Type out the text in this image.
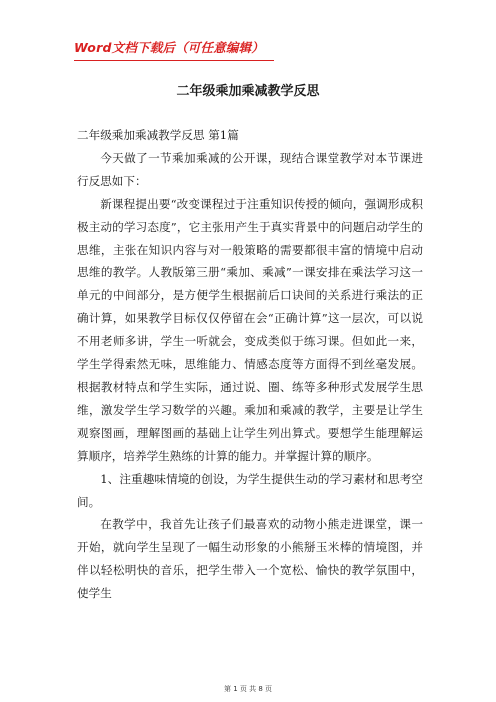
Word文档下载后（可任意编辑）
二年级乘加乘减教学反思

二年级乘加乘减教学反思 第1篇

今天做了一节乘加乘减的公开课，现结合课堂教学对本节课进行反思如下：

新课程提出要“改变课程过于注重知识传授的倾向，强调形成积极主动的学习态度”，它主张用产生于真实背景中的问题启动学生的思维，主张在知识内容与对一般策略的需要都很丰富的情境中启动思维的教学。人教版第三册“乘加、乘减”一课安排在乘法学习这一单元的中间部分，是方便学生根据前后口诀间的关系进行乘法的正确计算，如果教学目标仅仅停留在会“正确计算”这一层次，可以说不用老师多讲，学生一听就会，变成类似于练习课。但如此一来，学生学得索然无味，思维能力、情感态度等方面得不到丝毫发展。根据教材特点和学生实际，通过说、圈、练等多种形式发展学生思维，激发学生学习数学的兴趣。乘加和乘减的教学，主要是让学生观察图画，理解图画的基础上让学生列出算式。要想学生能理解运算顺序，培养学生熟练的计算的能力。并掌握计算的顺序。

1、注重趣味情境的创设，为学生提供生动的学习素材和思考空间。

在教学中，我首先让孩子们最喜欢的动物小熊走进课堂，课一开始，就向学生呈现了一幅生动形象的小熊掰玉米棒的情境图，并伴以轻松明快的音乐，把学生带入一个宽松、愉快的教学氛围中，使学生

第 1 页 共 8 页
